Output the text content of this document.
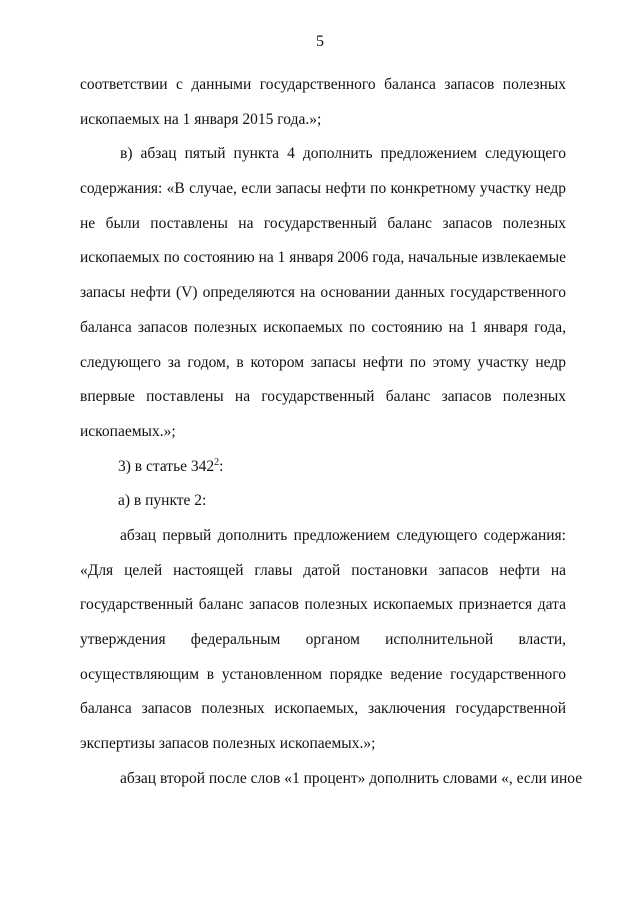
5
соответствии с данными государственного баланса запасов полезных
ископаемых на 1 января 2015 года.»;
в) абзац пятый пункта 4 дополнить предложением следующего
содержания: «В случае, если запасы нефти по конкретному участку недр
не были поставлены на государственный баланс запасов полезных
ископаемых по состоянию на 1 января 2006 года, начальные извлекаемые
запасы нефти (V) определяются на основании данных государственного
баланса запасов полезных ископаемых по состоянию на 1 января года,
следующего за годом, в котором запасы нефти по этому участку недр
впервые поставлены на государственный баланс запасов полезных
ископаемых.»;
3) в статье $342^2$:
а) в пункте 2:
абзац первый дополнить предложением следующего содержания:
«Для целей настоящей главы датой постановки запасов нефти на
государственный баланс запасов полезных ископаемых признается дата
утверждения федеральным органом исполнительной власти,
осуществляющим в установленном порядке ведение государственного
баланса запасов полезных ископаемых, заключения государственной
экспертизы запасов полезных ископаемых.»;
абзац второй после слов «1 процент» дополнить словами «, если иное
